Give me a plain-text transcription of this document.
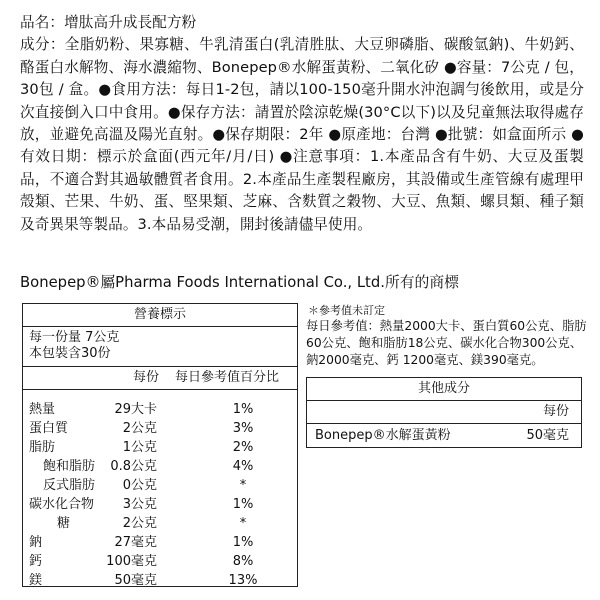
品名：增肽高升成長配方粉

成分：全脂奶粉、果寡糖、牛乳清蛋白(乳清胜肽、大豆卵磷脂、碳酸氫鈉)、牛奶鈣、酪蛋白水解物、海水濃縮物、Bonepep®水解蛋黃粉、二氧化矽 ●容量：7公克 / 包，30包 / 盒。●食用方法：每日1-2包，請以100-150毫升開水沖泡調勻後飲用，或是分次直接倒入口中食用。●保存方法：請置於陰涼乾燥(30°C以下)以及兒童無法取得處存放，並避免高溫及陽光直射。●保存期限：2年 ●原產地：台灣 ●批號：如盒面所示 ●有效日期：標示於盒面(西元年/月/日) ●注意事項：1.本產品含有牛奶、大豆及蛋製品，不適合對其過敏體質者食用。2.本產品生產製程廠房，其設備或生產管線有處理甲殼類、芒果、牛奶、蛋、堅果類、芝麻、含麩質之穀物、大豆、魚類、螺貝類、種子類及奇異果等製品。3.本品易受潮，開封後請儘早使用。

Bonepep®屬Pharma Foods International Co., Ltd.所有的商標
營養標示
每一份量 7公克
本包裝含30份
每份 每日參考值百分比
熱量	29大卡	1%
蛋白質	2公克	3%
脂肪	1公克	2%
飽和脂肪 0.8公克	4%
反式脂肪 0公克	*
碳水化合物 3公克	1%
糖	2公克	*
鈉	27毫克	1%
鈣	100毫克	8%
鎂	50毫克	13%
＊參考值未訂定
每日參考值：熱量2000大卡、蛋白質60公克、脂肪60公克、飽和脂肪18公克、碳水化合物300公克、鈉2000毫克、鈣 1200毫克、鎂390毫克。
其他成分
每份
Bonepep®水解蛋黃粉	50毫克
